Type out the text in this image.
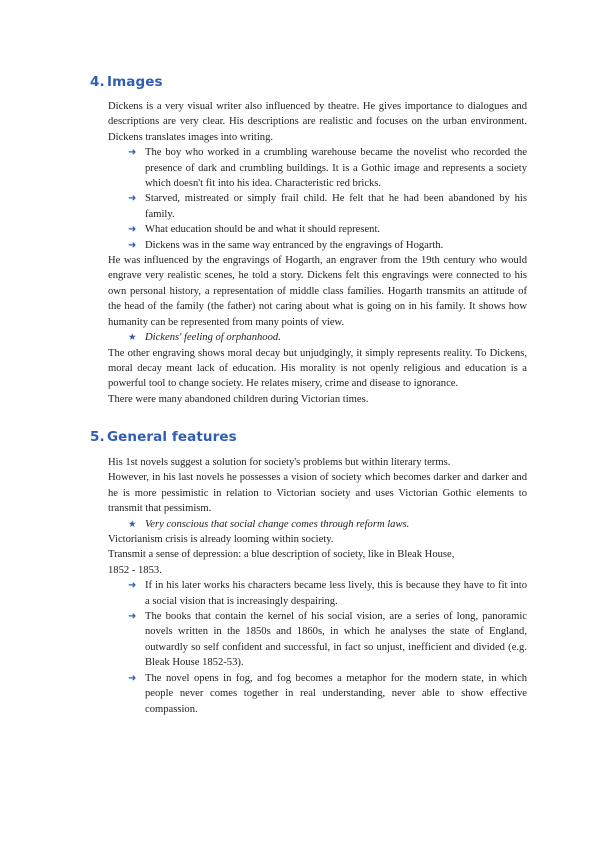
4. Images

Dickens is a very visual writer also influenced by theatre. He gives importance to dialogues and descriptions are very clear. His descriptions are realistic and focuses on the urban environment. Dickens translates images into writing.

➜ The boy who worked in a crumbling warehouse became the novelist who recorded the presence of dark and crumbling buildings. It is a Gothic image and represents a society which doesn't fit into his idea. Characteristic red bricks.

➜ Starved, mistreated or simply frail child. He felt that he had been abandoned by his family.

➜ What education should be and what it should represent.

➜ Dickens was in the same way entranced by the engravings of Hogarth.

He was influenced by the engravings of Hogarth, an engraver from the 19th century who would engrave very realistic scenes, he told a story. Dickens felt this engravings were connected to his own personal history, a representation of middle class families. Hogarth transmits an attitude of the head of the family (the father) not caring about what is going on in his family. It shows how humanity can be represented from many points of view.

★ Dickens' feeling of orphanhood.

The other engraving shows moral decay but unjudgingly, it simply represents reality. To Dickens, moral decay meant lack of education. His morality is not openly religious and education is a powerful tool to change society. He relates misery, crime and disease to ignorance.

There were many abandoned children during Victorian times.

5. General features

His 1st novels suggest a solution for society's problems but within literary terms.

However, in his last novels he possesses a vision of society which becomes darker and darker and he is more pessimistic in relation to Victorian society and uses Victorian Gothic elements to transmit that pessimism.

★ Very conscious that social change comes through reform laws.

Victorianism crisis is already looming within society.

Transmit a sense of depression: a blue description of society, like in Bleak House,

1852 - 1853.

➜ If in his later works his characters became less lively, this is because they have to fit into a social vision that is increasingly despairing.

➜ The books that contain the kernel of his social vision, are a series of long, panoramic novels written in the 1850s and 1860s, in which he analyses the state of England, outwardly so self confident and successful, in fact so unjust, inefficient and divided (e.g. Bleak House 1852-53).

➜ The novel opens in fog, and fog becomes a metaphor for the modern state, in which people never comes together in real understanding, never able to show effective compassion.
